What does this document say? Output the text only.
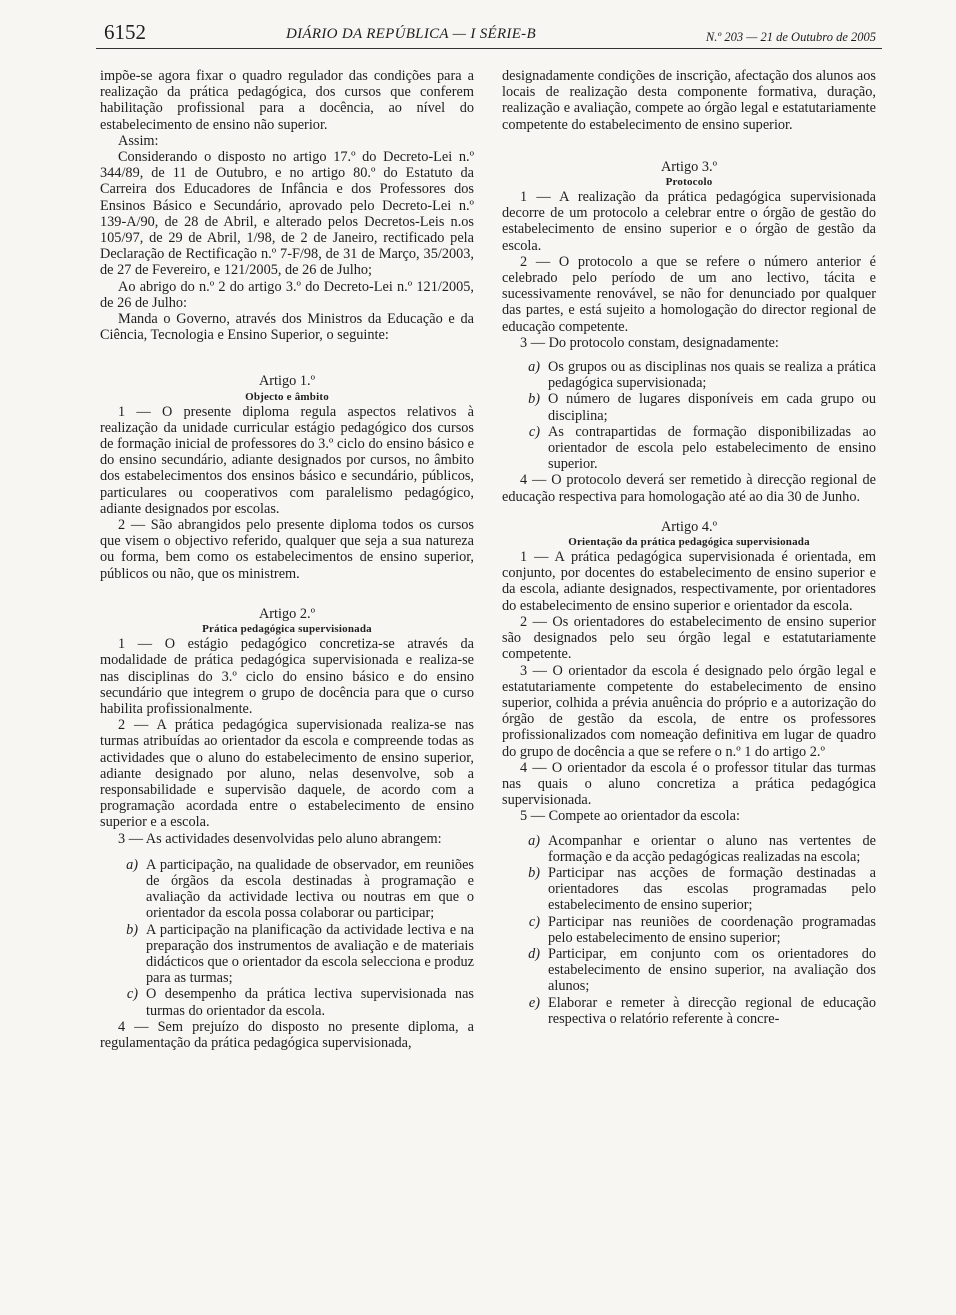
6152	DIÁRIO DA REPÚBLICA — I SÉRIE-B	N.º 203 — 21 de Outubro de 2005

impõe-se agora fixar o quadro regulador das condições para a realização da prática pedagógica, dos cursos que conferem habilitação profissional para a docência, ao nível do estabelecimento de ensino não superior.

Assim:

Considerando o disposto no artigo 17.º do Decreto-Lei n.º 344/89, de 11 de Outubro, e no artigo 80.º do Estatuto da Carreira dos Educadores de Infância e dos Professores dos Ensinos Básico e Secundário, aprovado pelo Decreto-Lei n.º 139-A/90, de 28 de Abril, e alterado pelos Decretos-Leis n.os 105/97, de 29 de Abril, 1/98, de 2 de Janeiro, rectificado pela Declaração de Rectificação n.º 7-F/98, de 31 de Março, 35/2003, de 27 de Fevereiro, e 121/2005, de 26 de Julho;

Ao abrigo do n.º 2 do artigo 3.º do Decreto-Lei n.º 121/2005, de 26 de Julho:

Manda o Governo, através dos Ministros da Educação e da Ciência, Tecnologia e Ensino Superior, o seguinte:

Artigo 1.º

Objecto e âmbito

1 — O presente diploma regula aspectos relativos à realização da unidade curricular estágio pedagógico dos cursos de formação inicial de professores do 3.º ciclo do ensino básico e do ensino secundário, adiante designados por cursos, no âmbito dos estabelecimentos dos ensinos básico e secundário, públicos, particulares ou cooperativos com paralelismo pedagógico, adiante designados por escolas.

2 — São abrangidos pelo presente diploma todos os cursos que visem o objectivo referido, qualquer que seja a sua natureza ou forma, bem como os estabelecimentos de ensino superior, públicos ou não, que os ministrem.

Artigo 2.º

Prática pedagógica supervisionada

1 — O estágio pedagógico concretiza-se através da modalidade de prática pedagógica supervisionada e realiza-se nas disciplinas do 3.º ciclo do ensino básico e do ensino secundário que integrem o grupo de docência para que o curso habilita profissionalmente.

2 — A prática pedagógica supervisionada realiza-se nas turmas atribuídas ao orientador da escola e compreende todas as actividades que o aluno do estabelecimento de ensino superior, adiante designado por aluno, nelas desenvolve, sob a responsabilidade e supervisão daquele, de acordo com a programação acordada entre o estabelecimento de ensino superior e a escola.

3 — As actividades desenvolvidas pelo aluno abrangem:

a) A participação, na qualidade de observador, em reuniões de órgãos da escola destinadas à programação e avaliação da actividade lectiva ou noutras em que o orientador da escola possa colaborar ou participar;
b) A participação na planificação da actividade lectiva e na preparação dos instrumentos de avaliação e de materiais didácticos que o orientador da escola selecciona e produz para as turmas;
c) O desempenho da prática lectiva supervisionada nas turmas do orientador da escola.

4 — Sem prejuízo do disposto no presente diploma, a regulamentação da prática pedagógica supervisionada,

designadamente condições de inscrição, afectação dos alunos aos locais de realização desta componente formativa, duração, realização e avaliação, compete ao órgão legal e estatutariamente competente do estabelecimento de ensino superior.

Artigo 3.º

Protocolo

1 — A realização da prática pedagógica supervisionada decorre de um protocolo a celebrar entre o órgão de gestão do estabelecimento de ensino superior e o órgão de gestão da escola.

2 — O protocolo a que se refere o número anterior é celebrado pelo período de um ano lectivo, tácita e sucessivamente renovável, se não for denunciado por qualquer das partes, e está sujeito a homologação do director regional de educação competente.

3 — Do protocolo constam, designadamente:

a) Os grupos ou as disciplinas nos quais se realiza a prática pedagógica supervisionada;
b) O número de lugares disponíveis em cada grupo ou disciplina;
c) As contrapartidas de formação disponibilizadas ao orientador de escola pelo estabelecimento de ensino superior.

4 — O protocolo deverá ser remetido à direcção regional de educação respectiva para homologação até ao dia 30 de Junho.

Artigo 4.º

Orientação da prática pedagógica supervisionada

1 — A prática pedagógica supervisionada é orientada, em conjunto, por docentes do estabelecimento de ensino superior e da escola, adiante designados, respectivamente, por orientadores do estabelecimento de ensino superior e orientador da escola.

2 — Os orientadores do estabelecimento de ensino superior são designados pelo seu órgão legal e estatutariamente competente.

3 — O orientador da escola é designado pelo órgão legal e estatutariamente competente do estabelecimento de ensino superior, colhida a prévia anuência do próprio e a autorização do órgão de gestão da escola, de entre os professores profissionalizados com nomeação definitiva em lugar de quadro do grupo de docência a que se refere o n.º 1 do artigo 2.º

4 — O orientador da escola é o professor titular das turmas nas quais o aluno concretiza a prática pedagógica supervisionada.

5 — Compete ao orientador da escola:

a) Acompanhar e orientar o aluno nas vertentes de formação e da acção pedagógicas realizadas na escola;
b) Participar nas acções de formação destinadas a orientadores das escolas programadas pelo estabelecimento de ensino superior;
c) Participar nas reuniões de coordenação programadas pelo estabelecimento de ensino superior;
d) Participar, em conjunto com os orientadores do estabelecimento de ensino superior, na avaliação dos alunos;
e) Elaborar e remeter à direcção regional de educação respectiva o relatório referente à concre-
